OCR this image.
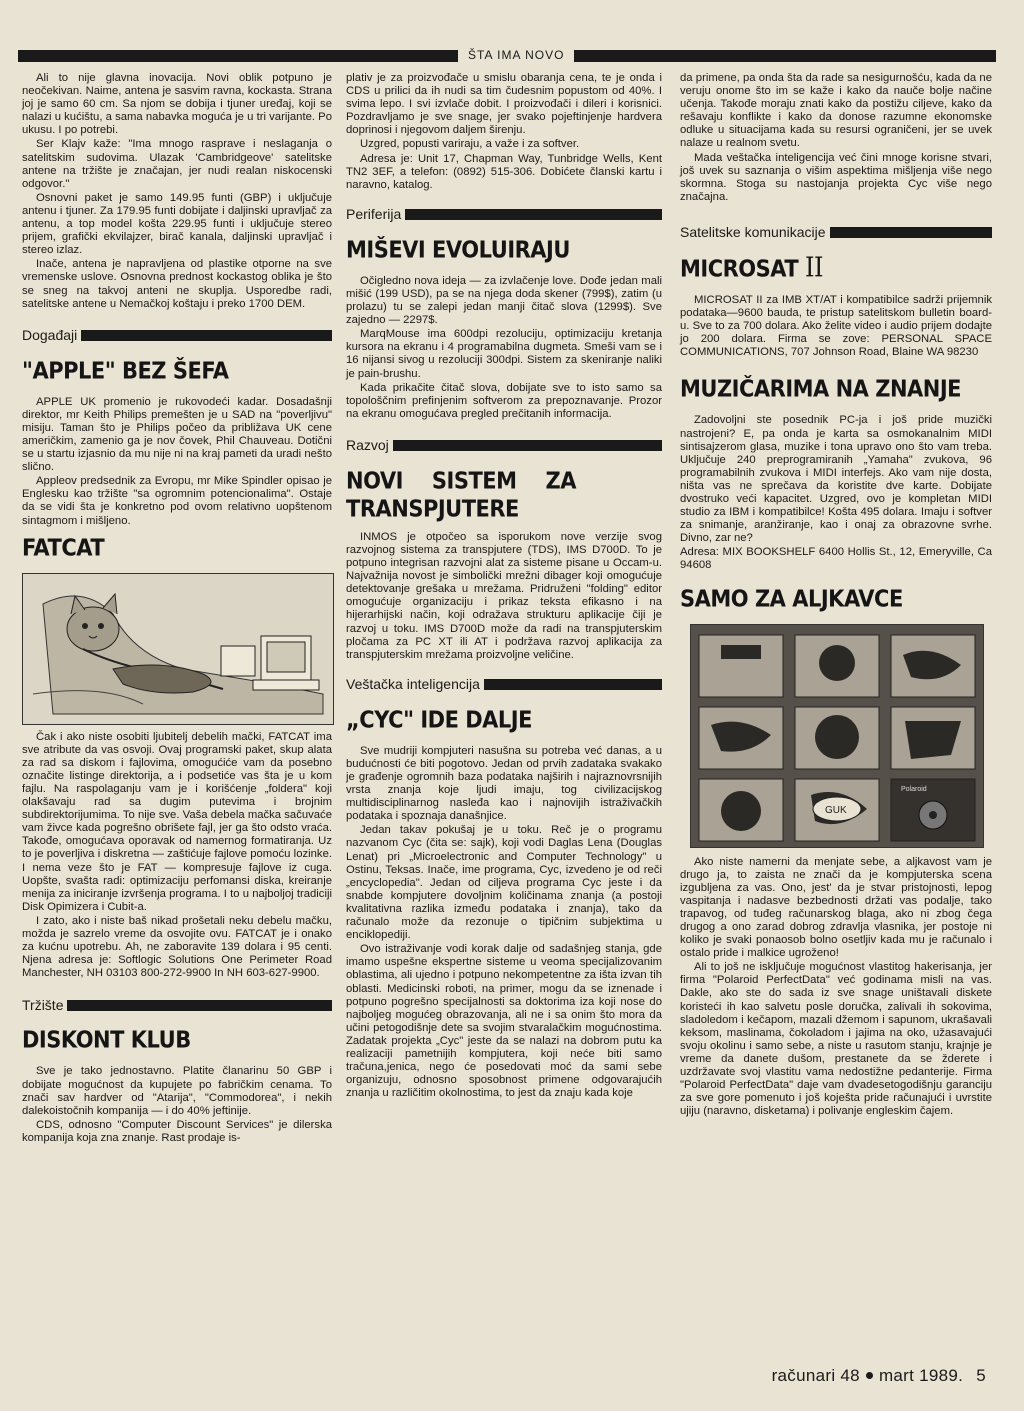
ŠTA IMA NOVO

Ali to nije glavna inovacija. Novi oblik potpuno je neočekivan. Naime, antena je sasvim ravna, kockasta. Strana joj je samo 60 cm. Sa njom se dobija i tjuner uređaj, koji se nalazi u kućištu, a sama nabavka moguća je u tri varijante. Po ukusu. I po potrebi.

Ser Klajv kaže: "Ima mnogo rasprave i neslaganja o satelitskim sudovima. Ulazak 'Cambridgeove' satelitske antene na tržište je značajan, jer nudi realan niskocenski odgovor."

Osnovni paket je samo 149.95 funti (GBP) i uključuje antenu i tjuner. Za 179.95 funti dobijate i daljinski upravljač za antenu, a top model košta 229.95 funti i uključuje stereo prijem, grafički ekvilajzer, birač kanala, daljinski upravljač i stereo izlaz.

Inače, antena je napravljena od plastike otporne na sve vremenske uslove. Osnovna prednost kockastog oblika je što se sneg na takvoj anteni ne skuplja. Usporedbe radi, satelitske antene u Nemačkoj koštaju i preko 1700 DEM.

Događaji
"APPLE" BEZ ŠEFA

APPLE UK promenio je rukovodeći kadar. Dosadašnji direktor, mr Keith Philips premešten je u SAD na "poverljivu" misiju. Taman što je Philips počeo da približava UK cene američkim, zamenio ga je nov čovek, Phil Chauveau. Dotični se u startu izjasnio da mu nije ni na kraj pameti da uradi nešto slično.

Appleov predsednik za Evropu, mr Mike Spindler opisao je Englesku kao tržište "sa ogromnim potencionalima". Ostaje da se vidi šta je konkretno pod ovom relativno uopštenom sintagmom i mišljeno.

FATCAT

Čak i ako niste osobiti ljubitelj debelih mački, FATCAT ima sve atribute da vas osvoji. Ovaj programski paket, skup alata za rad sa diskom i fajlovima, omogućiće vam da posebno označite listinge direktorija, a i podsetiće vas šta je u kom fajlu. Na raspolaganju vam je i korišćenje „foldera" koji olakšavaju rad sa dugim putevima i brojnim subdirektorijumima. To nije sve. Vaša debela mačka sačuvaće vam živce kada pogrešno obrišete fajl, jer ga što odsto vraća. Takođe, omogućava oporavak od namernog formatiranja. Uz to je poverljiva i diskretna — zaštićuje fajlove pomoću lozinke. I nema veze što je FAT — kompresuje fajlove iz cuga. Uopšte, svašta radi: optimizaciju perfomansi diska, kreiranje menija za iniciranje izvršenja programa. I to u najboljoj tradiciji Disk Opimizera i Cubit-a.

I zato, ako i niste baš nikad prošetali neku debelu mačku, možda je sazrelo vreme da osvojite ovu. FATCAT je i onako za kućnu upotrebu. Ah, ne zaboravite 139 dolara i 95 centi. Njena adresa je: Softlogic Solutions One Perimeter Road Manchester, NH 03103 800-272-9900 In NH 603-627-9900.

Tržište
DISKONT KLUB

Sve je tako jednostavno. Platite članarinu 50 GBP i dobijate mogućnost da kupujete po fabričkim cenama. To znači sav hardver od "Atarija", "Commodorea", i nekih dalekoistočnih kompanija — i do 40% jeftinije.

CDS, odnosno "Computer Discount Services" je dilerska kompanija koja zna znanje. Rast prodaje is-

plativ je za proizvođače u smislu obaranja cena, te je onda i CDS u prilici da ih nudi sa tim čudesnim popustom od 40%. I svima lepo. I svi izvlače dobit. I proizvođači i dileri i korisnici. Pozdravljamo je sve snage, jer svako pojeftinjenje hardvera doprinosi i njegovom daljem širenju.

Uzgred, popusti variraju, a važe i za softver.

Adresa je: Unit 17, Chapman Way, Tunbridge Wells, Kent TN2 3EF, a telefon: (0892) 515-306. Dobićete članski kartu i naravno, katalog.

Periferija
MIŠEVI EVOLUIRAJU

Očigledno nova ideja — za izvlačenje love. Dođe jedan mali mišić (199 USD), pa se na njega doda skener (799$), zatim (u prolazu) tu se zalepi jedan manji čitač slova (1299$). Sve zajedno — 2297$.

MarqMouse ima 600dpi rezoluciju, optimizaciju kretanja kursora na ekranu i 4 programabilna dugmeta. Smeši vam se i 16 nijansi sivog u rezoluciji 300dpi. Sistem za skeniranje naliki je pain-brushu.

Kada prikačite čitač slova, dobijate sve to isto samo sa topološčnim prefinjenim softverom za prepoznavanje. Prozor na ekranu omogućava pregled prečitanih informacija.

Razvoj
NOVI SISTEM ZA TRANSPJUTERE

INMOS je otpočeo sa isporukom nove verzije svog razvojnog sistema za transpjutere (TDS), IMS D700D. To je potpuno integrisan razvojni alat za sisteme pisane u Occam-u. Najvažnija novost je simbolički mrežni dibager koji omogućuje detektovanje grešaka u mrežama. Pridruženi "folding" editor omogućuje organizaciju i prikaz teksta efikasno i na hijerarhijski način, koji odražava strukturu aplikacije čiji je razvoj u toku. IMS D700D može da radi na transpjuterskim pločama za PC XT ili AT i podržava razvoj aplikacija za transpjuterskim mrežama proizvoljne veličine.

Veštačka inteligencija
„CYC" IDE DALJE

Sve mudriji kompjuteri nasušna su potreba već danas, a u budućnosti će biti pogotovo. Jedan od prvih zadataka svakako je građenje ogromnih baza podataka najširih i najraznovrsnijih vrsta znanja koje ljudi imaju, tog civilizacijskog multidisciplinarnog nasleđa kao i najnovijih istraživačkih podataka i spoznaja današnjice.

Jedan takav pokušaj je u toku. Reč je o programu nazvanom Cyc (čita se: sajk), koji vodi Daglas Lena (Douglas Lenat) pri „Microelectronic and Computer Technology" u Ostinu, Teksas. Inače, ime programa, Cyc, izvedeno je od reči „encyclopedia". Jedan od ciljeva programa Cyc jeste i da snabde kompjutere dovoljnim količinama znanja (a postoji kvalitativna razlika između podataka i znanja), tako da računalo može da rezonuje o tipičnim subjektima u enciklopediji.

Ovo istraživanje vodi korak dalje od sadašnjeg stanja, gde imamo uspešne ekspertne sisteme u veoma specijalizovanim oblastima, ali ujedno i potpuno nekompetentne za išta izvan tih oblasti. Medicinski roboti, na primer, mogu da se iznenade i potpuno pogrešno specijalnosti sa doktorima iza koji nose do najboljeg mogućeg obrazovanja, ali ne i sa onim što mora da učini petogodišnje dete sa svojim stvaralačkim mogućnostima. Zadatak projekta „Cyc" jeste da se nalazi na dobrom putu ka realizaciji pametnijih kompjutera, koji neće biti samo tračuna,jenica, nego će posedovati moć da sami sebe organizuju, odnosno sposobnost primene odgovarajućih znanja u različitim okolnostima, to jest da znaju kada koje

da primene, pa onda šta da rade sa nesigurnošću, kada da ne veruju onome što im se kaže i kako da nauče bolje načine učenja. Takođe moraju znati kako da postižu ciljeve, kako da rešavaju konflikte i kako da donose razumne ekonomske odluke u situacijama kada su resursi ograničeni, jer se uvek nalaze u realnom svetu.

Mada veštačka inteligencija već čini mnoge korisne stvari, još uvek su saznanja o višim aspektima mišljenja više nego skormna. Stoga su nastojanja projekta Cyc više nego značajna.

Satelitske komunikacije
MICROSAT II

MICROSAT II za IMB XT/AT i kompatibilce sadrži prijemnik podataka—9600 bauda, te pristup satelitskom bulletin board-u. Sve to za 700 dolara. Ako želite video i audio prijem dodajte jo 200 dolara. Firma se zove: PERSONAL SPACE COMMUNICATIONS, 707 Johnson Road, Blaine WA 98230

MUZIČARIMA NA ZNANJE

Zadovoljni ste posednik PC-ja i još pride muzički nastrojeni? E, pa onda je karta sa osmokanalnim MIDI sintisajzerom glasa, muzike i tona upravo ono što vam treba. Uključuje 240 preprogramiranih „Yamaha" zvukova, 96 programabilnih zvukova i MIDI interfejs. Ako vam nije dosta, ništa vas ne sprečava da koristite dve karte. Dobijate dvostruko veći kapacitet. Uzgred, ovo je kompletan MIDI studio za IBM i kompatibilce! Košta 495 dolara. Imaju i softver za snimanje, aranžiranje, kao i onaj za obrazovne svrhe. Divno, zar ne?

Adresa: MIX BOOKSHELF 6400 Hollis St., 12, Emeryville, Ca 94608

SAMO ZA ALJKAVCE
GUK
Polaroid

Ako niste namerni da menjate sebe, a aljkavost vam je drugo ja, to zaista ne znači da je kompjuterska scena izgubljena za vas. Ono, jest' da je stvar pristojnosti, lepog vaspitanja i nadasve bezbednosti držati vas podalje, tako trapavog, od tuđeg računarskog blaga, ako ni zbog čega drugog a ono zarad dobrog zdravlja vlasnika, jer postoje ni koliko je svaki ponaosob bolno osetljiv kada mu je računalo i ostalo pride i malkice ugroženo!

Ali to još ne isključuje mogućnost vlastitog hakerisanja, jer firma "Polaroid PerfectData" već godinama misli na vas. Dakle, ako ste do sada iz sve snage uništavali diskete koristeći ih kao salvetu posle doručka, zalivali ih sokovima, sladoledom i kečapom, mazali džemom i sapunom, ukrašavali keksom, maslinama, čokoladom i jajima na oko, užasavajući svoju okolinu i samo sebe, a niste u rasutom stanju, krajnje je vreme da danete dušom, prestanete da se žderete i uzdržavate svoj vlastitu vama nedostižne pedanterije. Firma "Polaroid PerfectData" daje vam dvadesetogodišnju garanciju za sve gore pomenuto i još koješta pride računajući i uvrstite ujiju (naravno, disketama) i polivanje engleskim čajem.

računari 48 mart 1989. 5
